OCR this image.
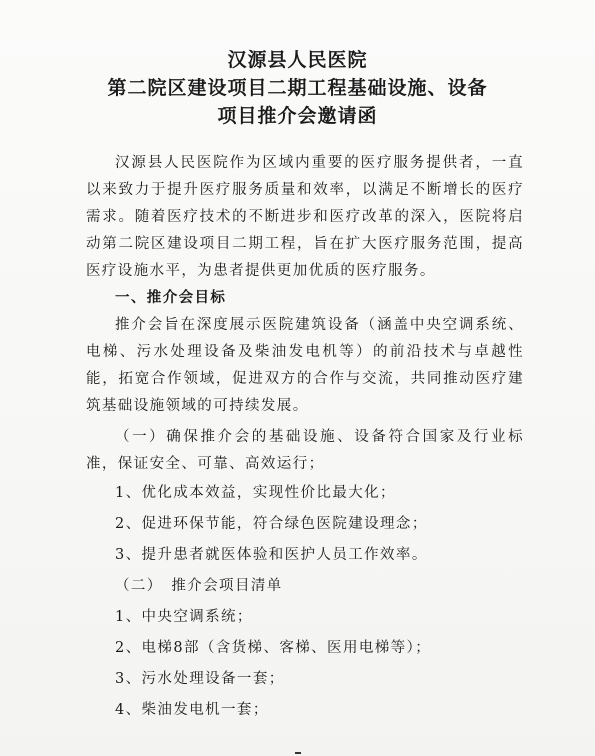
汉源县人民医院
第二院区建设项目二期工程基础设施、设备
项目推介会邀请函

汉源县人民医院作为区域内重要的医疗服务提供者，一直以来致力于提升医疗服务质量和效率，以满足不断增长的医疗需求。随着医疗技术的不断进步和医疗改革的深入，医院将启动第二院区建设项目二期工程，旨在扩大医疗服务范围，提高医疗设施水平，为患者提供更加优质的医疗服务。

一、推介会目标

推介会旨在深度展示医院建筑设备（涵盖中央空调系统、电梯、污水处理设备及柴油发电机等）的前沿技术与卓越性能，拓宽合作领域，促进双方的合作与交流，共同推动医疗建筑基础设施领域的可持续发展。

（一）确保推介会的基础设施、设备符合国家及行业标准，保证安全、可靠、高效运行；

1、优化成本效益，实现性价比最大化；

2、促进环保节能，符合绿色医院建设理念；

3、提升患者就医体验和医护人员工作效率。

（二）　推介会项目清单

1、中央空调系统；

2、电梯8部（含货梯、客梯、医用电梯等）；

3、污水处理设备一套；

4、柴油发电机一套；
